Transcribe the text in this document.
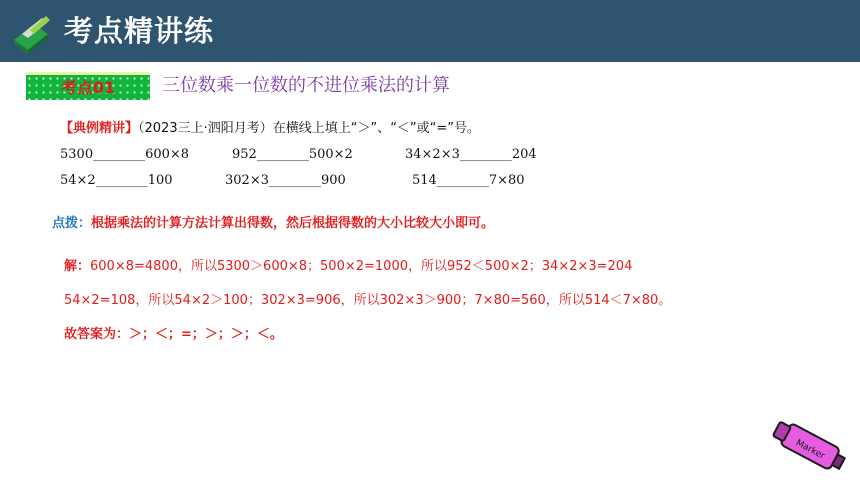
考点精讲练
考点01	三位数乘一位数的不进位乘法的计算
【典例精讲】（2023三上·泗阳月考）在横线上填上“＞”、“＜”或“=”号。
5300________600×8	952________500×2	34×2×3________204
54×2________100	302×3________900	514________7×80
点拨：根据乘法的计算方法计算出得数，然后根据得数的大小比较大小即可。
解：600×8=4800，所以5300＞600×8；500×2=1000，所以952＜500×2；34×2×3=204
54×2=108，所以54×2＞100；302×3=906，所以302×3＞900；7×80=560，所以514＜7×80。
故答案为：＞；＜；=；＞；＞；＜。
Marker
